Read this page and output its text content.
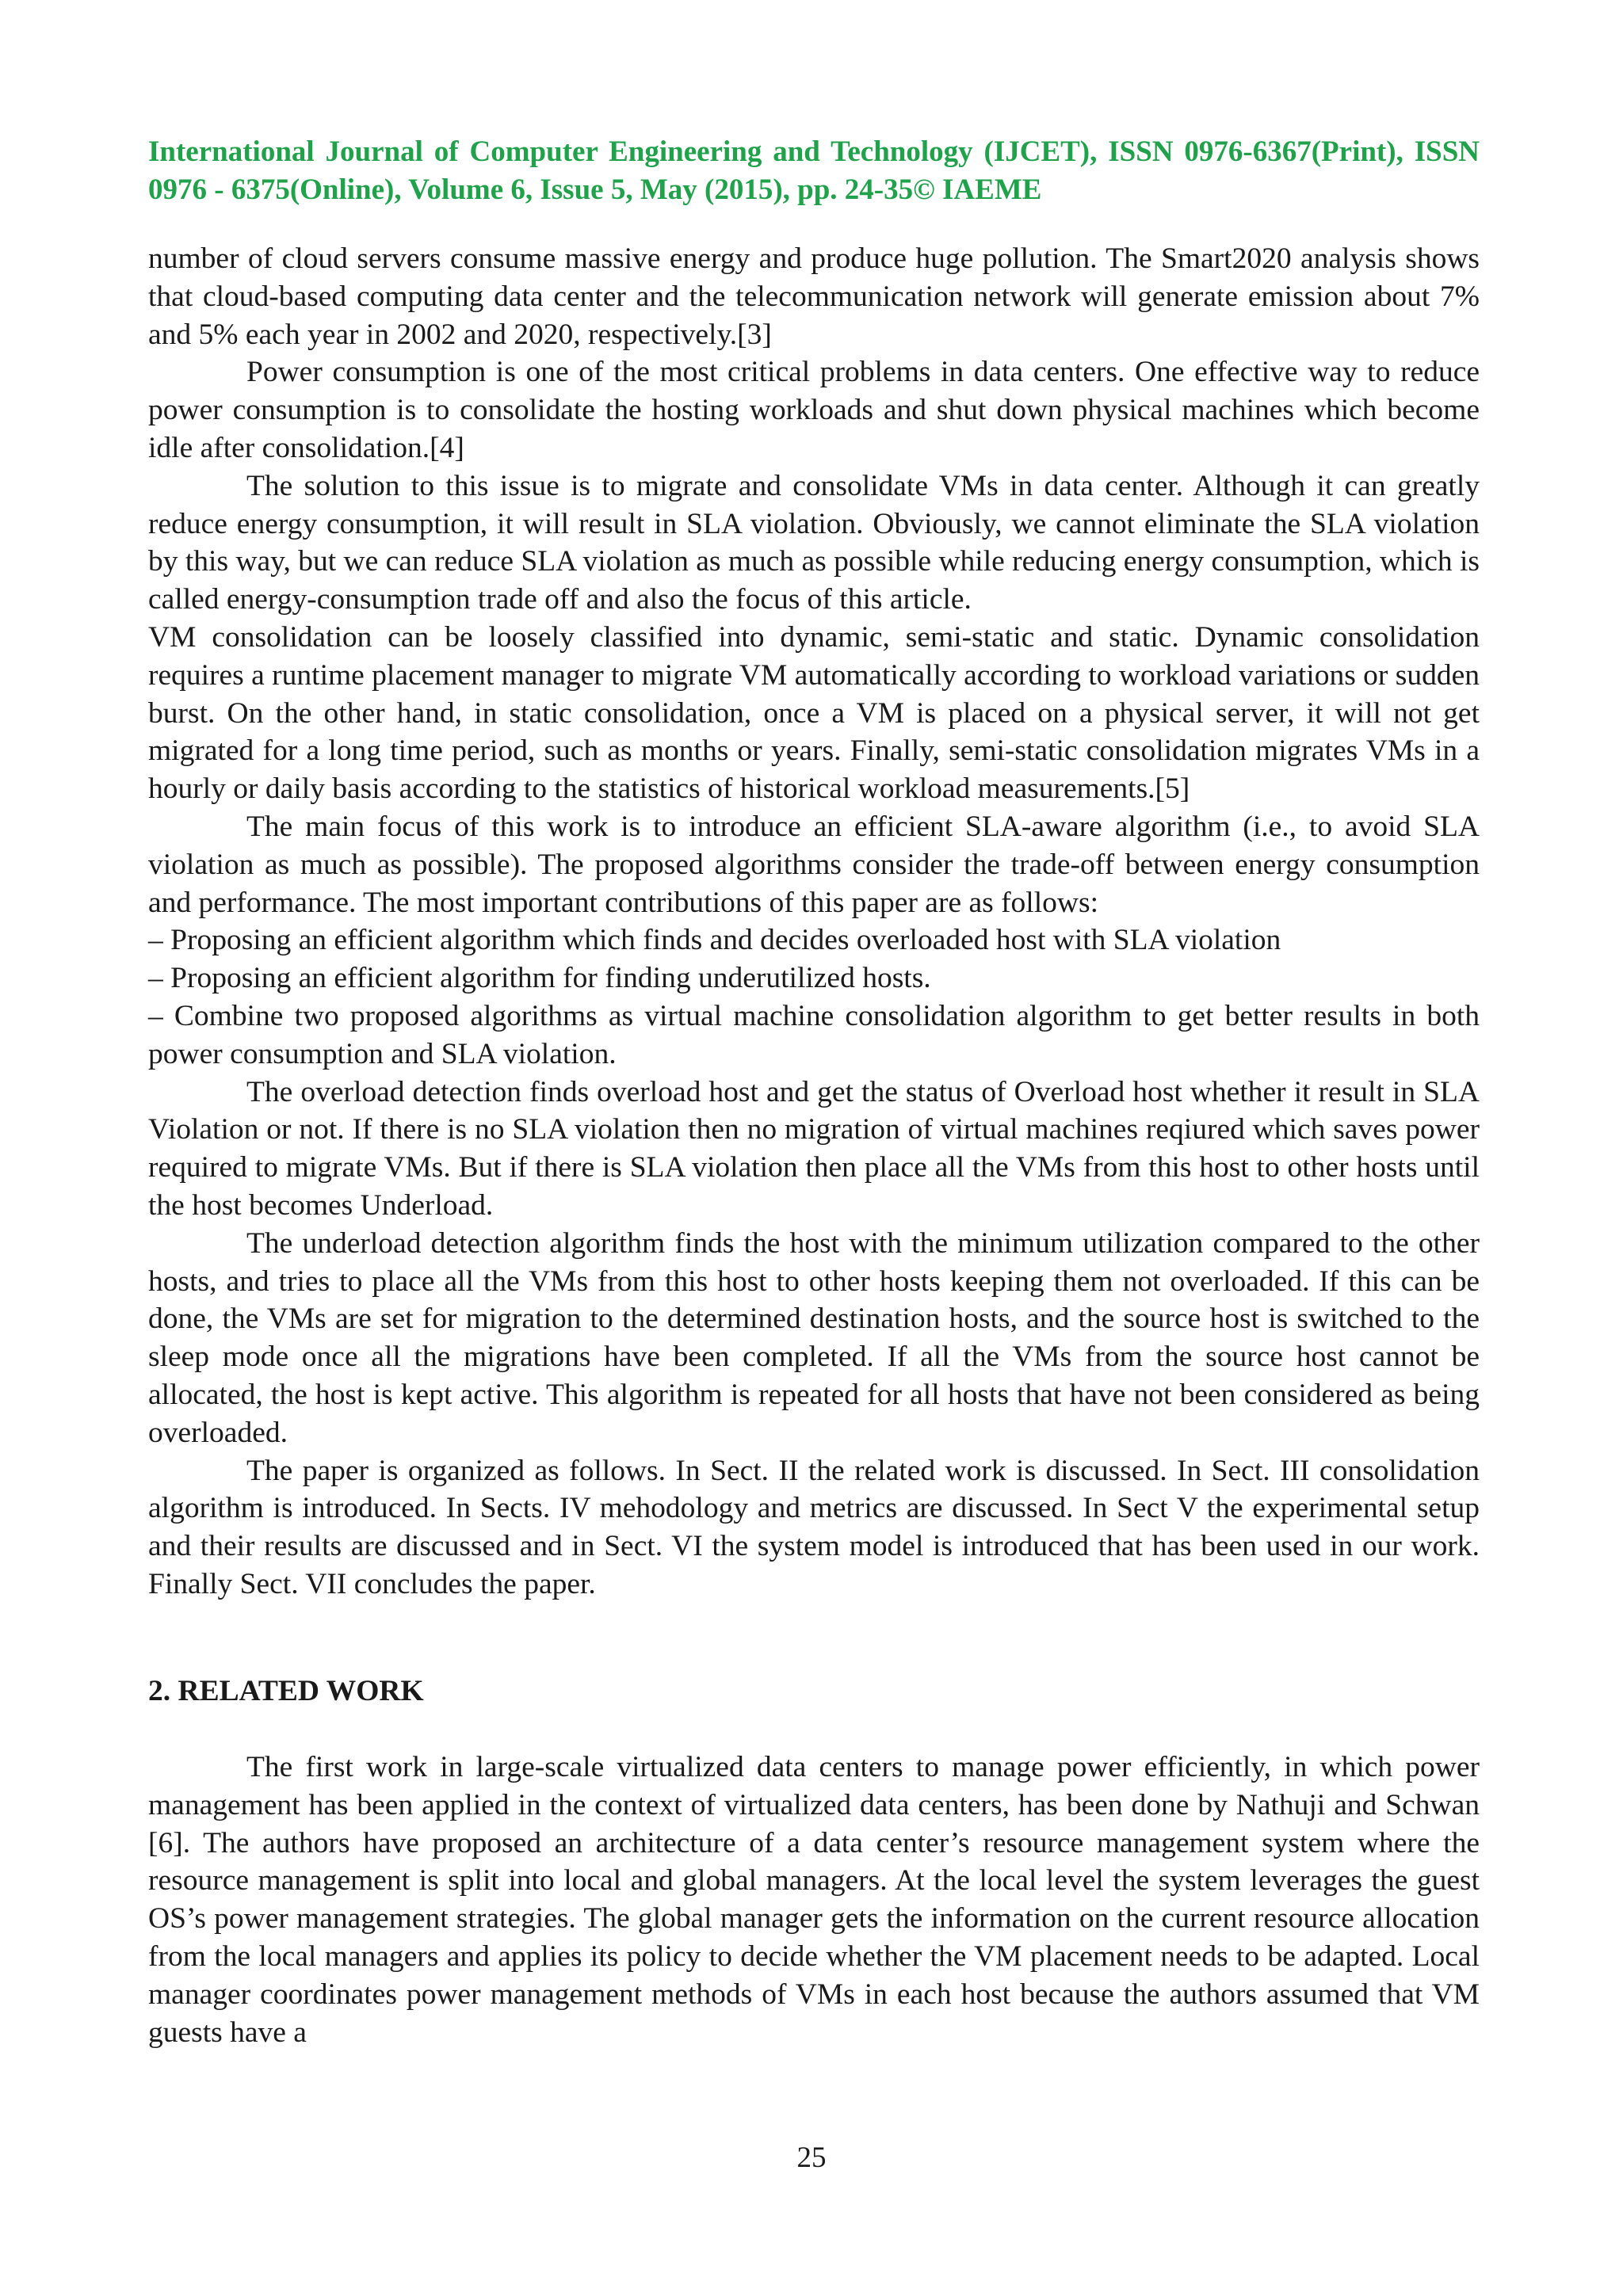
International Journal of Computer Engineering and Technology (IJCET), ISSN 0976-6367(Print), ISSN 0976 - 6375(Online), Volume 6, Issue 5, May (2015), pp. 24-35© IAEME

number of cloud servers consume massive energy and produce huge pollution. The Smart2020 analysis shows that cloud-based computing data center and the telecommunication network will generate emission about 7% and 5% each year in 2002 and 2020, respectively.[3]

Power consumption is one of the most critical problems in data centers. One effective way to reduce power consumption is to consolidate the hosting workloads and shut down physical machines which become idle after consolidation.[4]

The solution to this issue is to migrate and consolidate VMs in data center. Although it can greatly reduce energy consumption, it will result in SLA violation. Obviously, we cannot eliminate the SLA violation by this way, but we can reduce SLA violation as much as possible while reducing energy consumption, which is called energy-consumption trade off and also the focus of this article.

VM consolidation can be loosely classified into dynamic, semi-static and static. Dynamic consolidation requires a runtime placement manager to migrate VM automatically according to workload variations or sudden burst. On the other hand, in static consolidation, once a VM is placed on a physical server, it will not get migrated for a long time period, such as months or years. Finally, semi-static consolidation migrates VMs in a hourly or daily basis according to the statistics of historical workload measurements.[5]

The main focus of this work is to introduce an efficient SLA-aware algorithm (i.e., to avoid SLA violation as much as possible). The proposed algorithms consider the trade-off between energy consumption and performance. The most important contributions of this paper are as follows:

– Proposing an efficient algorithm which finds and decides overloaded host with SLA violation

– Proposing an efficient algorithm for finding underutilized hosts.

– Combine two proposed algorithms as virtual machine consolidation algorithm to get better results in both power consumption and SLA violation.

The overload detection finds overload host and get the status of Overload host whether it result in SLA Violation or not. If there is no SLA violation then no migration of virtual machines reqiured which saves power required to migrate VMs. But if there is SLA violation then place all the VMs from this host to other hosts until the host becomes Underload.

The underload detection algorithm finds the host with the minimum utilization compared to the other hosts, and tries to place all the VMs from this host to other hosts keeping them not overloaded. If this can be done, the VMs are set for migration to the determined destination hosts, and the source host is switched to the sleep mode once all the migrations have been completed. If all the VMs from the source host cannot be allocated, the host is kept active. This algorithm is repeated for all hosts that have not been considered as being overloaded.

The paper is organized as follows. In Sect. II the related work is discussed. In Sect. III consolidation algorithm is introduced. In Sects. IV mehodology and metrics are discussed. In Sect V the experimental setup and their results are discussed and in Sect. VI the system model is introduced that has been used in our work. Finally Sect. VII concludes the paper.

2. RELATED WORK

The first work in large-scale virtualized data centers to manage power efficiently, in which power management has been applied in the context of virtualized data centers, has been done by Nathuji and Schwan [6]. The authors have proposed an architecture of a data center’s resource management system where the resource management is split into local and global managers. At the local level the system leverages the guest OS’s power management strategies. The global manager gets the information on the current resource allocation from the local managers and applies its policy to decide whether the VM placement needs to be adapted. Local manager coordinates power management methods of VMs in each host because the authors assumed that VM guests have a

25
